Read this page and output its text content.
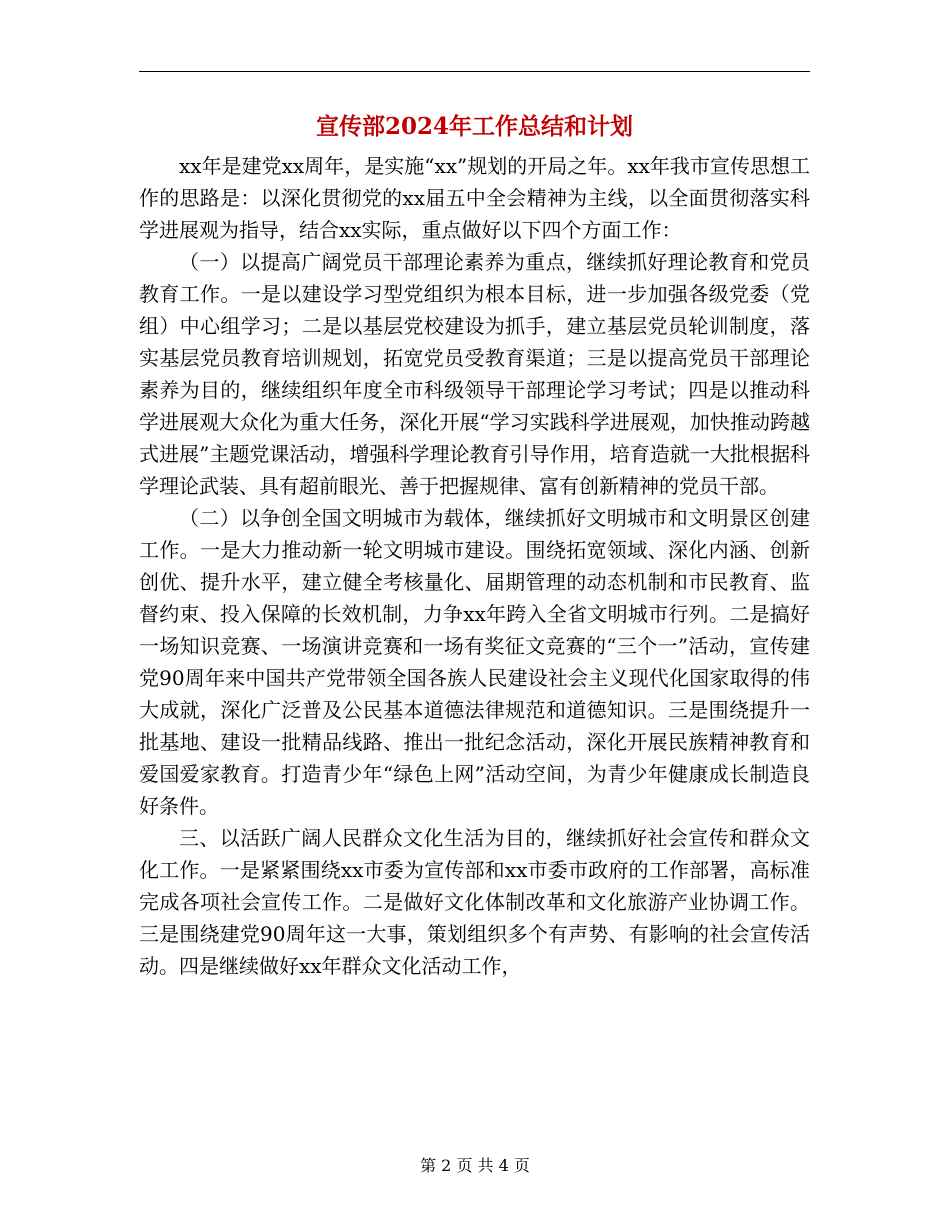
宣传部2024年工作总结和计划

xx年是建党xx周年，是实施“xx”规划的开局之年。xx年我市宣传思想工作的思路是：以深化贯彻党的xx届五中全会精神为主线，以全面贯彻落实科学进展观为指导，结合xx实际，重点做好以下四个方面工作：

（一）以提高广阔党员干部理论素养为重点，继续抓好理论教育和党员教育工作。一是以建设学习型党组织为根本目标，进一步加强各级党委（党组）中心组学习；二是以基层党校建设为抓手，建立基层党员轮训制度，落实基层党员教育培训规划，拓宽党员受教育渠道；三是以提高党员干部理论素养为目的，继续组织年度全市科级领导干部理论学习考试；四是以推动科学进展观大众化为重大任务，深化开展“学习实践科学进展观，加快推动跨越式进展”主题党课活动，增强科学理论教育引导作用，培育造就一大批根据科学理论武装、具有超前眼光、善于把握规律、富有创新精神的党员干部。

（二）以争创全国文明城市为载体，继续抓好文明城市和文明景区创建工作。一是大力推动新一轮文明城市建设。围绕拓宽领域、深化内涵、创新创优、提升水平，建立健全考核量化、届期管理的动态机制和市民教育、监督约束、投入保障的长效机制，力争xx年跨入全省文明城市行列。二是搞好一场知识竞赛、一场演讲竞赛和一场有奖征文竞赛的“三个一”活动，宣传建党90周年来中国共产党带领全国各族人民建设社会主义现代化国家取得的伟大成就，深化广泛普及公民基本道德法律规范和道德知识。三是围绕提升一批基地、建设一批精品线路、推出一批纪念活动，深化开展民族精神教育和爱国爱家教育。打造青少年“绿色上网”活动空间，为青少年健康成长制造良好条件。

三、以活跃广阔人民群众文化生活为目的，继续抓好社会宣传和群众文化工作。一是紧紧围绕xx市委为宣传部和xx市委市政府的工作部署，高标准完成各项社会宣传工作。二是做好文化体制改革和文化旅游产业协调工作。三是围绕建党90周年这一大事，策划组织多个有声势、有影响的社会宣传活动。四是继续做好xx年群众文化活动工作，

第 2 页 共 4 页
